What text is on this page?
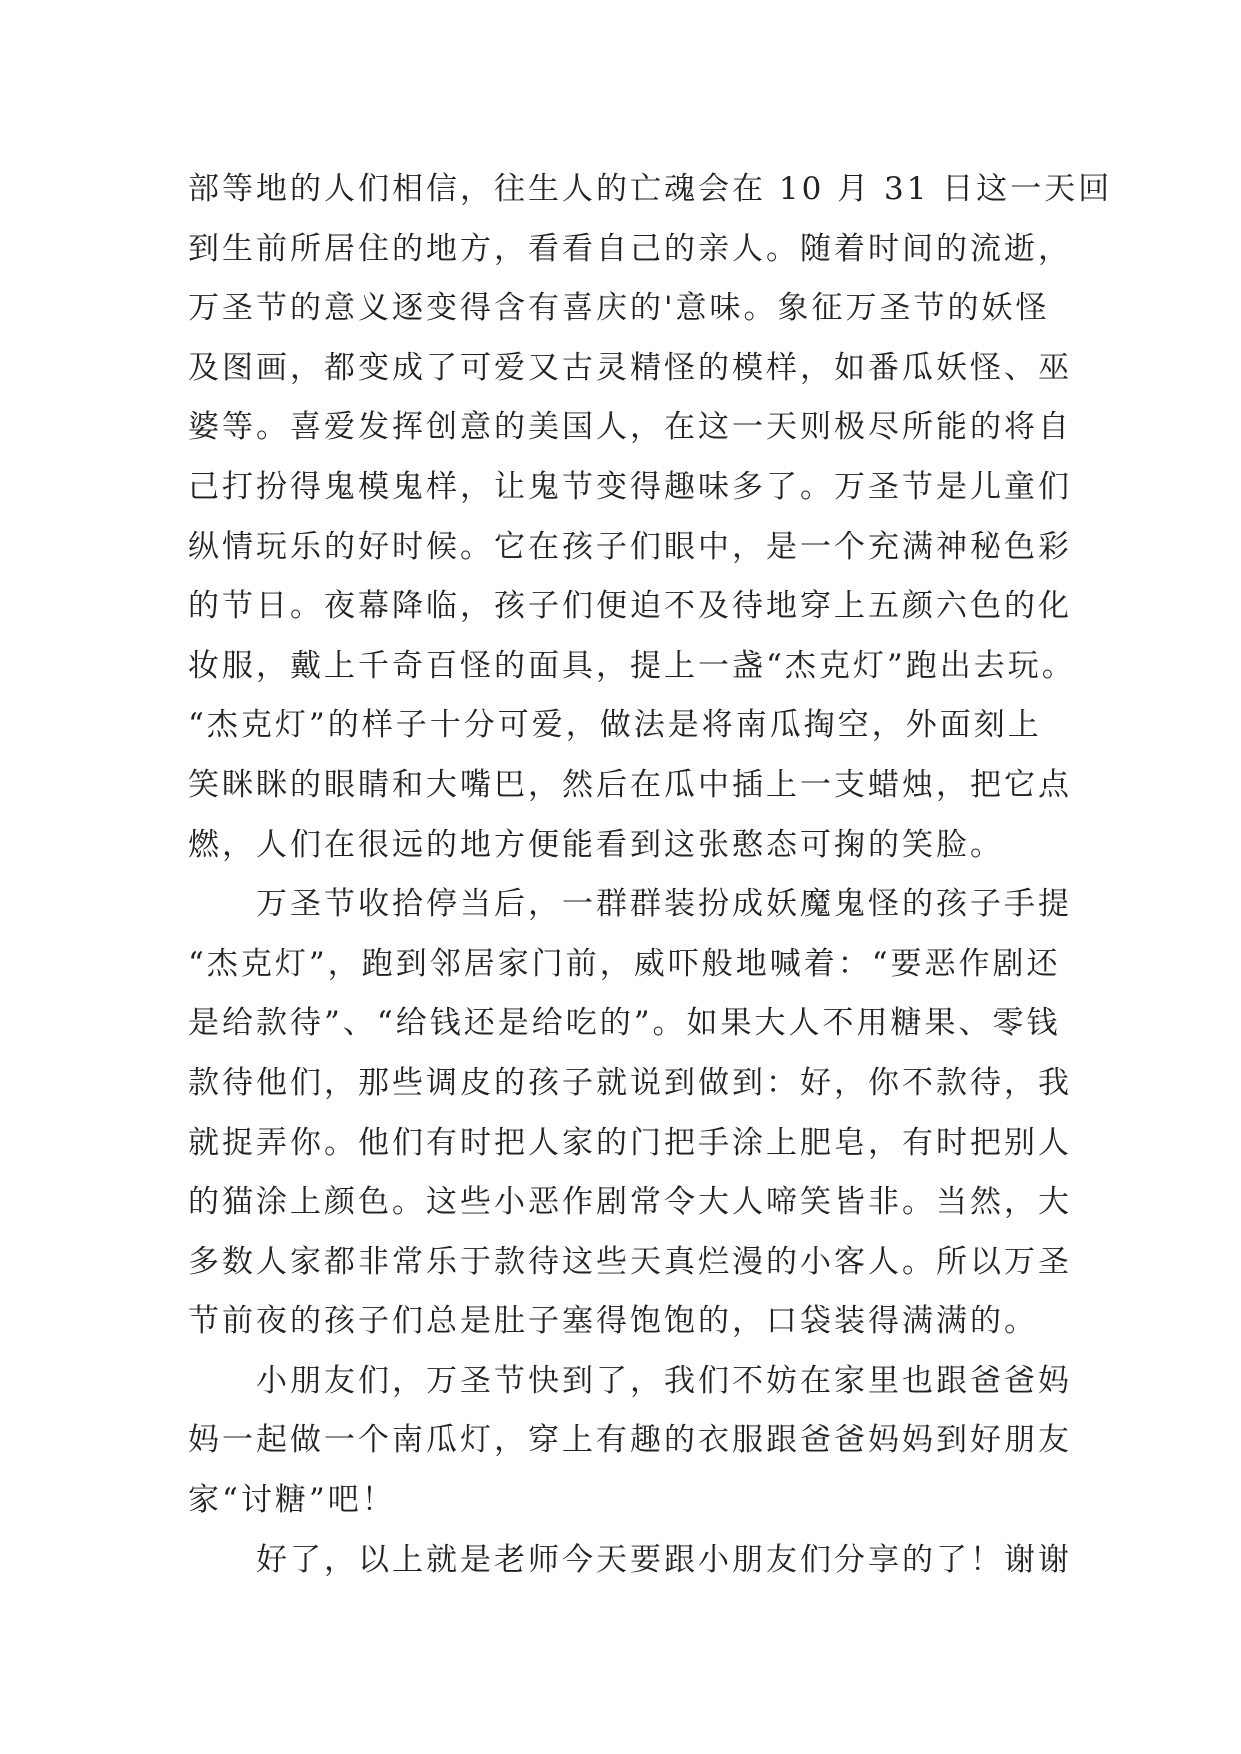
部等地的人们相信，往生人的亡魂会在 10 月 31 日这一天回
到生前所居住的地方，看看自己的亲人。随着时间的流逝，
万圣节的意义逐变得含有喜庆的'意味。象征万圣节的妖怪
及图画，都变成了可爱又古灵精怪的模样，如番瓜妖怪、巫
婆等。喜爱发挥创意的美国人，在这一天则极尽所能的将自
己打扮得鬼模鬼样，让鬼节变得趣味多了。万圣节是儿童们
纵情玩乐的好时候。它在孩子们眼中，是一个充满神秘色彩
的节日。夜幕降临，孩子们便迫不及待地穿上五颜六色的化
妆服，戴上千奇百怪的面具，提上一盏“杰克灯”跑出去玩。
“杰克灯”的样子十分可爱，做法是将南瓜掏空，外面刻上
笑眯眯的眼睛和大嘴巴，然后在瓜中插上一支蜡烛，把它点
燃，人们在很远的地方便能看到这张憨态可掬的笑脸。
万圣节收拾停当后，一群群装扮成妖魔鬼怪的孩子手提
“杰克灯”，跑到邻居家门前，威吓般地喊着：“要恶作剧还
是给款待”、“给钱还是给吃的”。如果大人不用糖果、零钱
款待他们，那些调皮的孩子就说到做到：好，你不款待，我
就捉弄你。他们有时把人家的门把手涂上肥皂，有时把别人
的猫涂上颜色。这些小恶作剧常令大人啼笑皆非。当然，大
多数人家都非常乐于款待这些天真烂漫的小客人。所以万圣
节前夜的孩子们总是肚子塞得饱饱的，口袋装得满满的。
小朋友们，万圣节快到了，我们不妨在家里也跟爸爸妈
妈一起做一个南瓜灯，穿上有趣的衣服跟爸爸妈妈到好朋友
家“讨糖”吧！
好了，以上就是老师今天要跟小朋友们分享的了！谢谢
